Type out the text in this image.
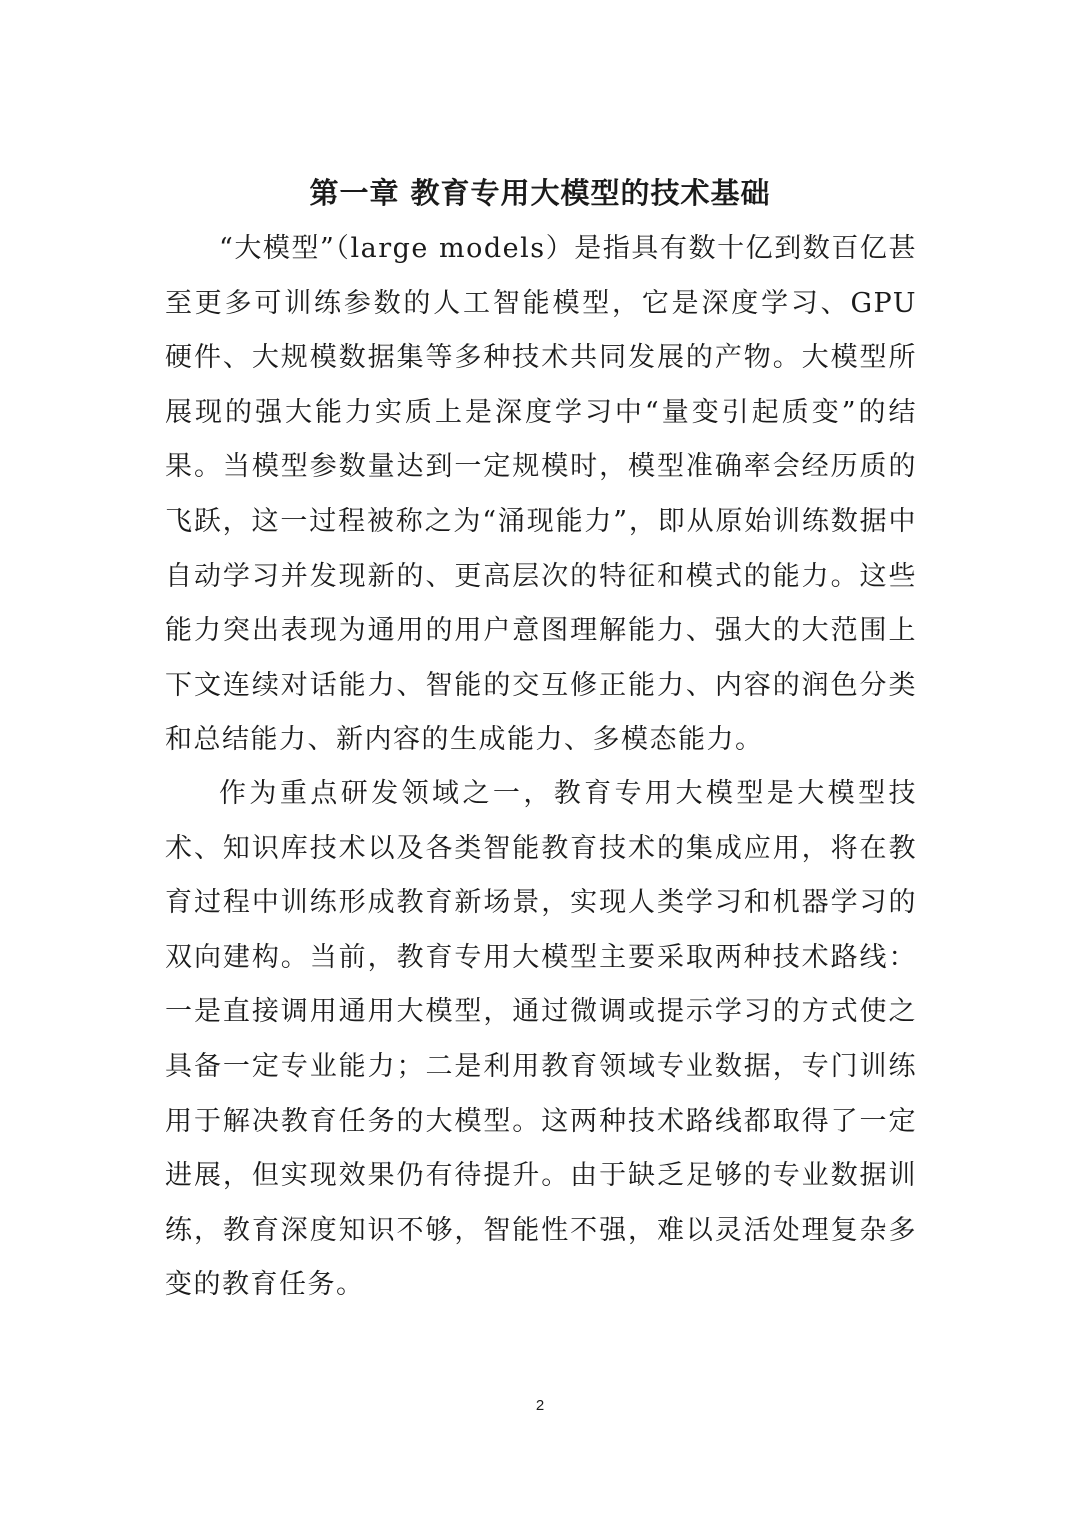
第一章 教育专用大模型的技术基础

“大模型”（large models）是指具有数十亿到数百亿甚至更多可训练参数的人工智能模型，它是深度学习、GPU 硬件、大规模数据集等多种技术共同发展的产物。大模型所展现的强大能力实质上是深度学习中“量变引起质变”的结果。当模型参数量达到一定规模时，模型准确率会经历质的飞跃，这一过程被称之为“涌现能力”，即从原始训练数据中自动学习并发现新的、更高层次的特征和模式的能力。这些能力突出表现为通用的用户意图理解能力、强大的大范围上下文连续对话能力、智能的交互修正能力、内容的润色分类和总结能力、新内容的生成能力、多模态能力。

作为重点研发领域之一，教育专用大模型是大模型技术、知识库技术以及各类智能教育技术的集成应用，将在教育过程中训练形成教育新场景，实现人类学习和机器学习的双向建构。当前，教育专用大模型主要采取两种技术路线：一是直接调用通用大模型，通过微调或提示学习的方式使之具备一定专业能力；二是利用教育领域专业数据，专门训练用于解决教育任务的大模型。这两种技术路线都取得了一定进展，但实现效果仍有待提升。由于缺乏足够的专业数据训练，教育深度知识不够，智能性不强，难以灵活处理复杂多变的教育任务。

2
